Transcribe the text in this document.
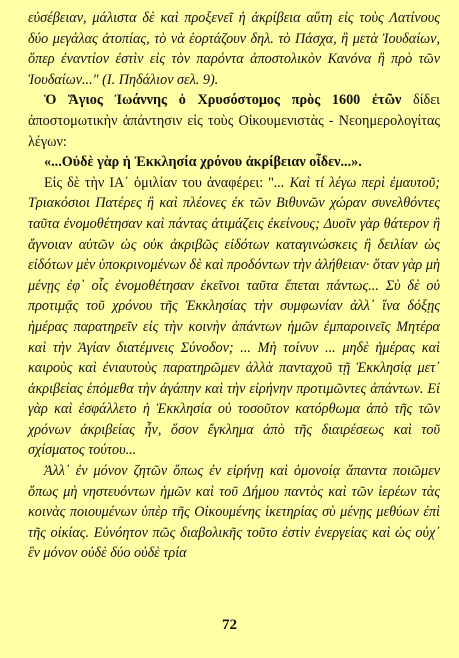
εὐσέβειαν, μάλιστα δὲ καὶ προξενεῖ ἡ ἀκρίβεια αὕτη εἰς τοὺς Λατίνους δύο μεγάλας ἀτοπίας, τὸ νὰ ἑορτάζουν δηλ. τὸ Πάσχα, ἢ μετὰ Ἰουδαίων, ὅπερ ἐναντίον ἐστὶν εἰς τὸν παρόντα ἀποστολικὸν Κανόνα ἢ πρὸ τῶν Ἰουδαίων..." (Ι. Πηδάλιον σελ. 9).

Ὁ Ἅγιος Ἰωάννης ὁ Χρυσόστομος πρὸς 1600 ἐτῶν δίδει ἀποστομωτικὴν ἀπάντησιν εἰς τοὺς Οἰκουμενιστὰς - Νεοημερολογίτας λέγων:

«...Οὐδὲ γὰρ ἡ Ἐκκλησία χρόνου ἀκρίβειαν οἶδεν...».

Εἰς δὲ τὴν ΙΑ΄ ὁμιλίαν του ἀναφέρει: "... Καὶ τί λέγω περὶ ἐμαυτοῦ; Τριακόσιοι Πατέρες ἢ καὶ πλέονες ἐκ τῶν Βιθυνῶν χώραν συνελθόντες ταῦτα ἐνομοθέτησαν καὶ πάντας ἀτιμάζεις ἐκείνους; Δυοῖν γὰρ θάτερον ἢ ἄγνοιαν αὐτῶν ὡς οὐκ ἀκριβῶς εἰδότων καταγινώσκεις ἢ δειλίαν ὡς εἰδότων μὲν ὑποκρινομένων δὲ καὶ προδόντων τὴν ἀλήθειαν· ὅταν γὰρ μὴ μένῃς ἐφ᾿ οἷς ἐνομοθέτησαν ἐκεῖνοι ταῦτα ἕπεται πάντως... Σὺ δὲ οὐ προτιμᾷς τοῦ χρόνου τῆς Ἐκκλησίας τὴν συμφωνίαν ἀλλ᾿ ἵνα δόξῃς ἡμέρας παρατηρεῖν εἰς τὴν κοινὴν ἁπάντων ἡμῶν ἐμπαροινεῖς Μητέρα καὶ τὴν Ἁγίαν διατέμνεις Σύνοδον; ... Μὴ τοίνυν ... μηδὲ ἡμέρας καὶ καιροὺς καὶ ἐνιαυτοὺς παρατηρῶμεν ἀλλὰ πανταχοῦ τῇ Ἐκκλησίᾳ μετ᾿ ἀκριβείας ἑπόμεθα τὴν ἀγάπην καὶ τὴν εἰρήνην προτιμῶντες ἁπάντων. Εἰ γὰρ καὶ ἐσφάλλετο ἡ Ἐκκλησία οὐ τοσοῦτον κατόρθωμα ἀπὸ τῆς τῶν χρόνων ἀκριβείας ἦν, ὅσον ἔγκλημα ἀπὸ τῆς διαιρέσεως καὶ τοῦ σχίσματος τούτου...

Ἀλλ᾿ ἐν μόνον ζητῶν ὅπως ἐν εἰρήνῃ καὶ ὁμονοίᾳ ἅπαντα ποιῶμεν ὅπως μὴ νηστευόντων ἡμῶν καὶ τοῦ Δήμου παντὸς καὶ τῶν ἱερέων τὰς κοινὰς ποιουμένων ὑπὲρ τῆς Οἰκουμένης ἱκετηρίας σὺ μένῃς μεθύων ἐπὶ τῆς οἰκίας. Εὐνόητον πῶς διαβολικῆς τοῦτο ἐστὶν ἐνεργείας καὶ ὡς οὐχ᾿ ἓν μόνον οὐδὲ δύο οὐδὲ τρία

72
